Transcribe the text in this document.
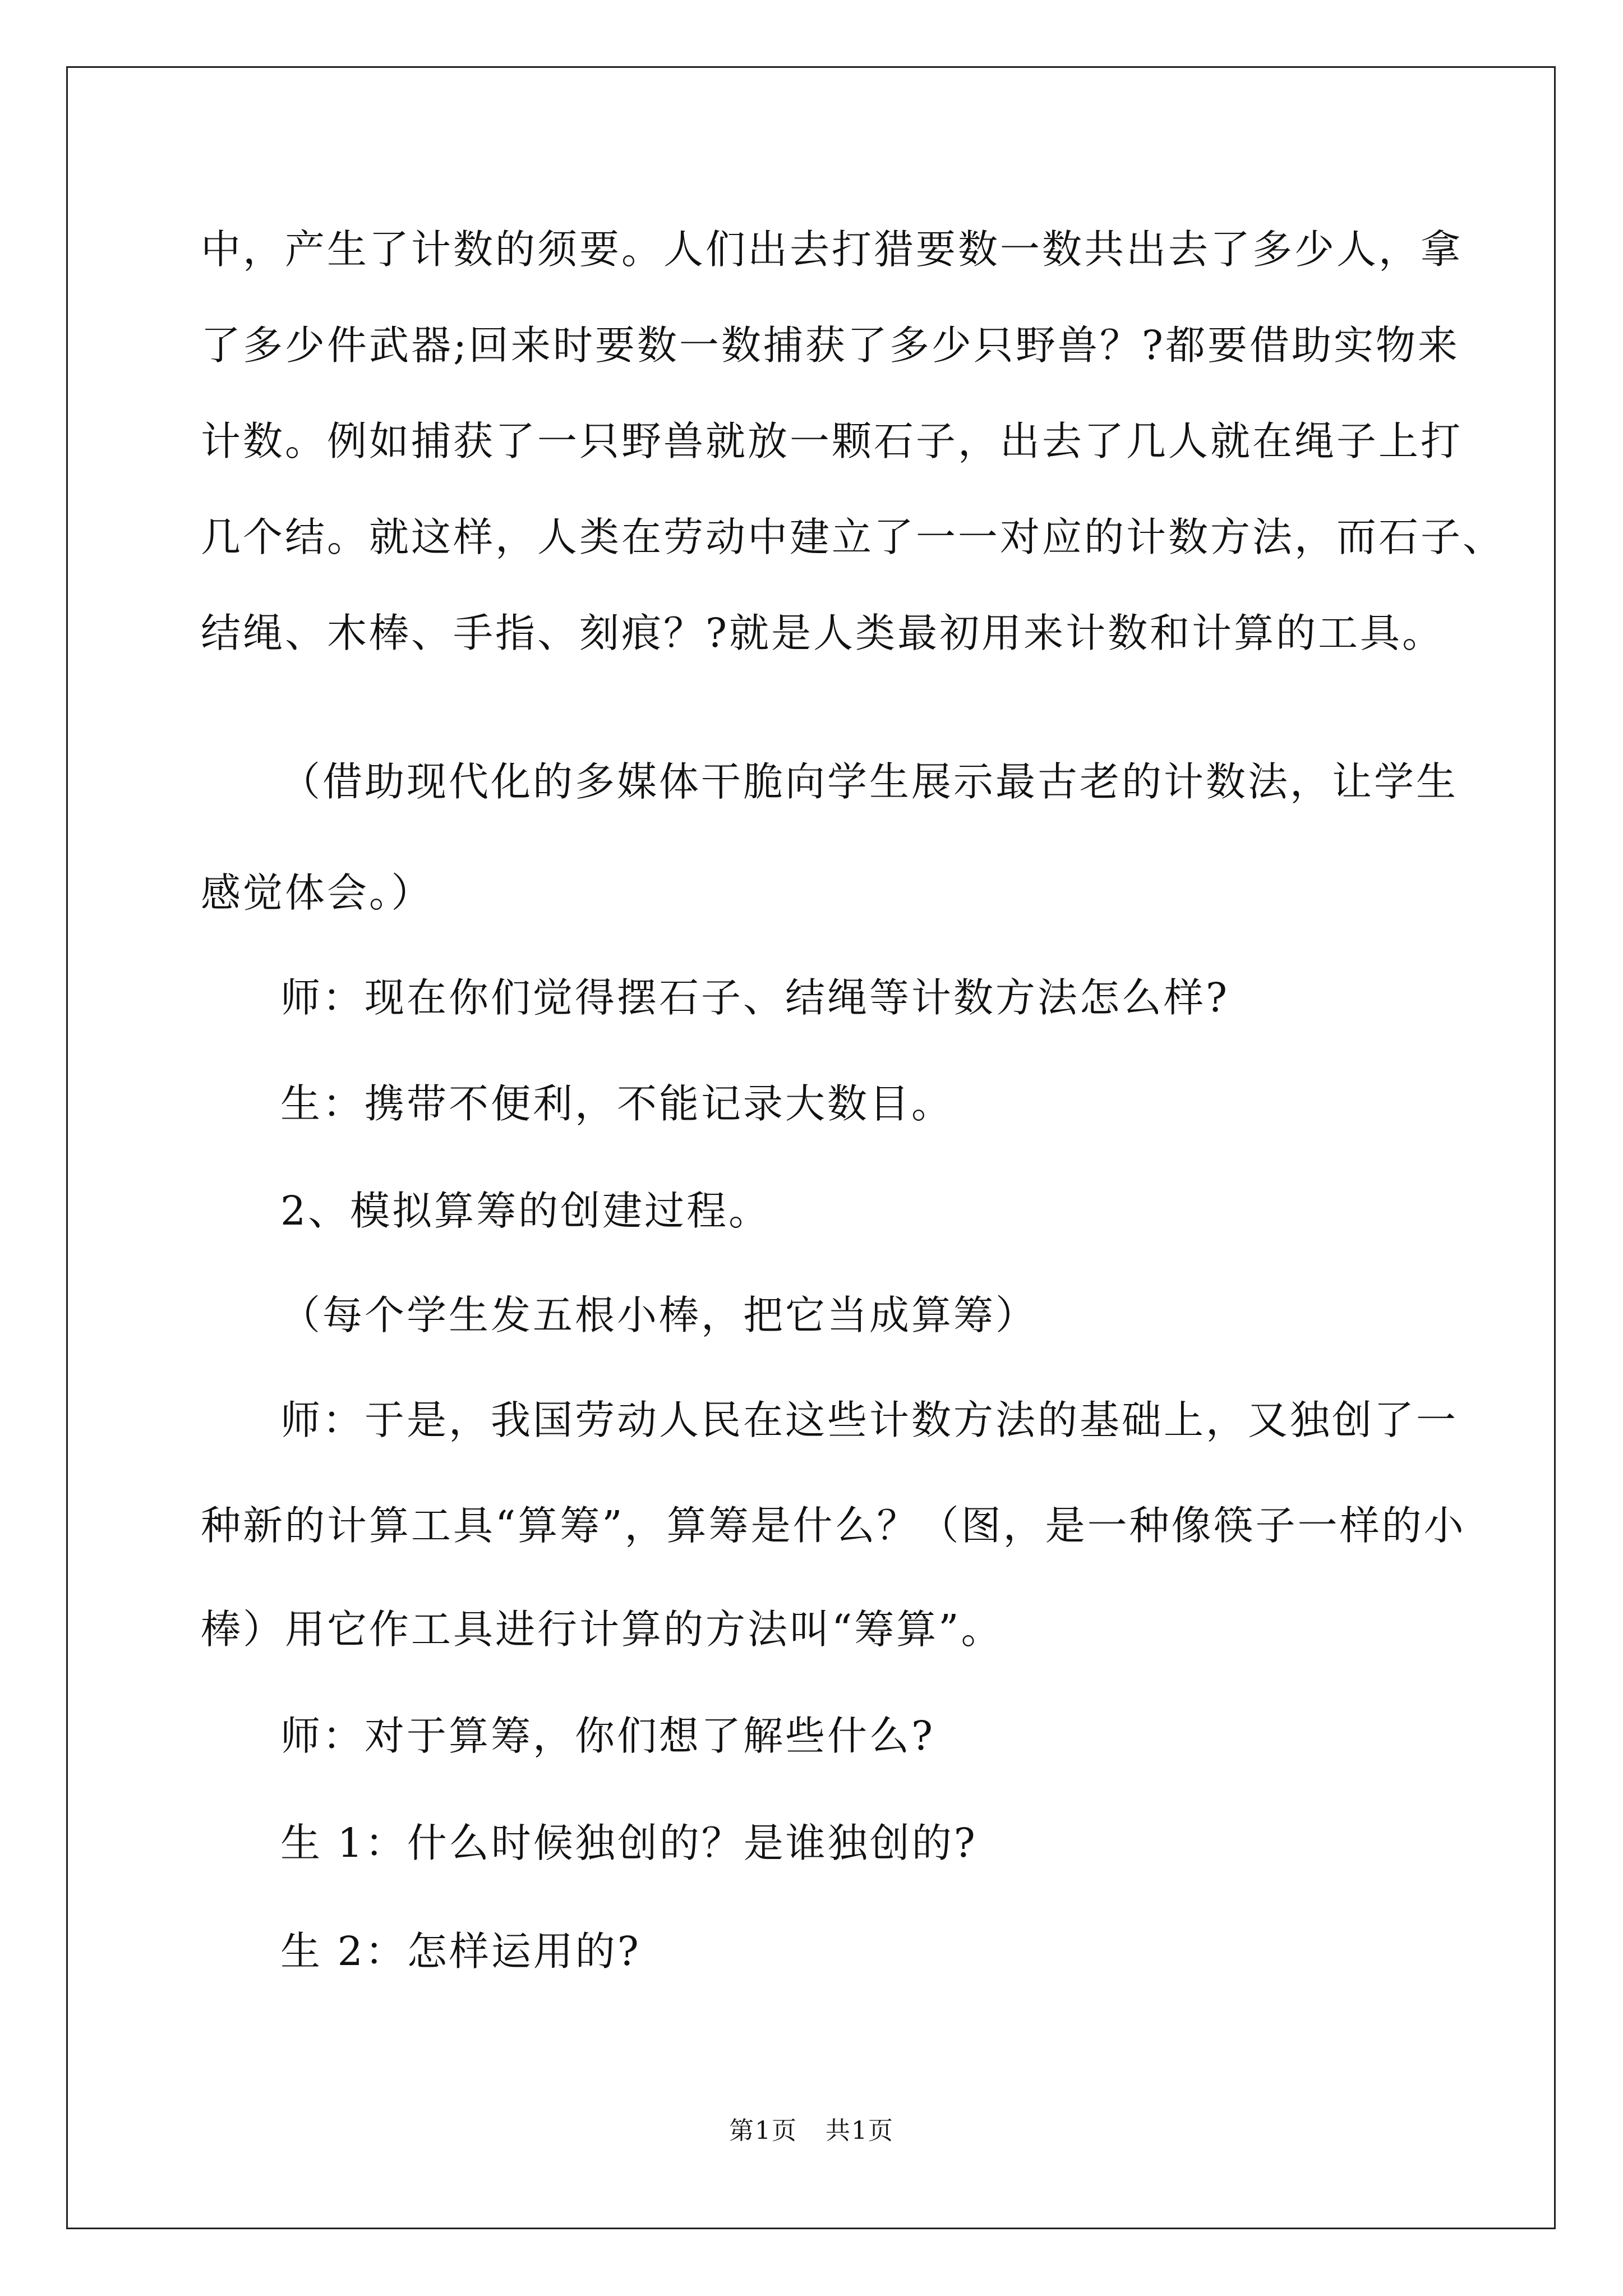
中，产生了计数的须要。人们出去打猎要数一数共出去了多少人，拿
了多少件武器;回来时要数一数捕获了多少只野兽？?都要借助实物来
计数。例如捕获了一只野兽就放一颗石子，出去了几人就在绳子上打
几个结。就这样，人类在劳动中建立了一一对应的计数方法，而石子、
结绳、木棒、手指、刻痕？?就是人类最初用来计数和计算的工具。
（借助现代化的多媒体干脆向学生展示最古老的计数法，让学生
感觉体会。）
师：现在你们觉得摆石子、结绳等计数方法怎么样?
生：携带不便利，不能记录大数目。
2、模拟算筹的创建过程。
（每个学生发五根小棒，把它当成算筹）
师：于是，我国劳动人民在这些计数方法的基础上，又独创了一
种新的计算工具“算筹”，算筹是什么？（图，是一种像筷子一样的小
棒）用它作工具进行计算的方法叫“筹算”。
师：对于算筹，你们想了解些什么?
生 1：什么时候独创的？是谁独创的?
生 2：怎样运用的?
第1页 共1页
